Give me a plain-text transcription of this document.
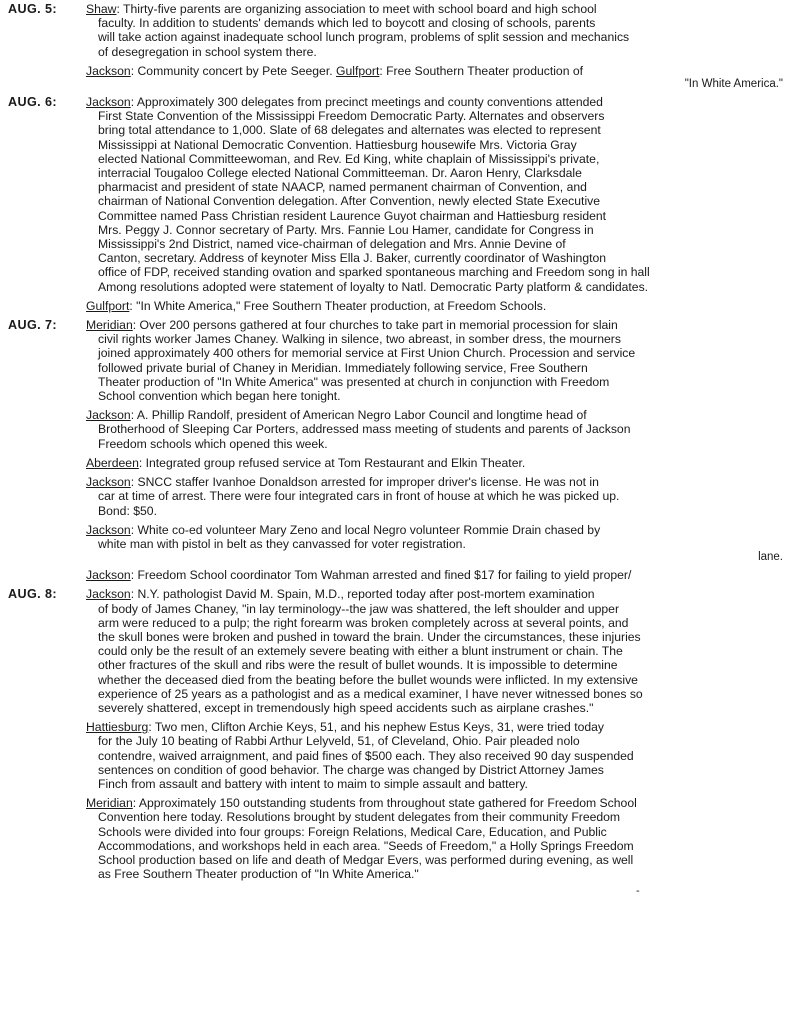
AUG. 5: Shaw: Thirty-five parents are organizing association to meet with school board and high school
faculty. In addition to students' demands which led to boycott and closing of schools, parents
will take action against inadequate school lunch program, problems of split session and mechanics
of desegregation in school system there.
Jackson: Community concert by Pete Seeger. Gulfport: Free Southern Theater production of
"In White America."
AUG. 6: Jackson: Approximately 300 delegates from precinct meetings and county conventions attended
First State Convention of the Mississippi Freedom Democratic Party. Alternates and observers
bring total attendance to 1,000. Slate of 68 delegates and alternates was elected to represent
Mississippi at National Democratic Convention. Hattiesburg housewife Mrs. Victoria Gray
elected National Committeewoman, and Rev. Ed King, white chaplain of Mississippi's private,
interracial Tougaloo College elected National Committeeman. Dr. Aaron Henry, Clarksdale
pharmacist and president of state NAACP, named permanent chairman of Convention, and
chairman of National Convention delegation. After Convention, newly elected State Executive
Committee named Pass Christian resident Laurence Guyot chairman and Hattiesburg resident
Mrs. Peggy J. Connor secretary of Party. Mrs. Fannie Lou Hamer, candidate for Congress in
Mississippi's 2nd District, named vice-chairman of delegation and Mrs. Annie Devine of
Canton, secretary. Address of keynoter Miss Ella J. Baker, currently coordinator of Washington
office of FDP, received standing ovation and sparked spontaneous marching and Freedom song in hall
Among resolutions adopted were statement of loyalty to Natl. Democratic Party platform & candidates.
Gulfport: "In White America," Free Southern Theater production, at Freedom Schools.
AUG. 7: Meridian: Over 200 persons gathered at four churches to take part in memorial procession for slain
civil rights worker James Chaney. Walking in silence, two abreast, in somber dress, the mourners
joined approximately 400 others for memorial service at First Union Church. Procession and service
followed private burial of Chaney in Meridian. Immediately following service, Free Southern
Theater production of "In White America" was presented at church in conjunction with Freedom
School convention which began here tonight.
Jackson: A. Phillip Randolf, president of American Negro Labor Council and longtime head of
Brotherhood of Sleeping Car Porters, addressed mass meeting of students and parents of Jackson
Freedom schools which opened this week.
Aberdeen: Integrated group refused service at Tom Restaurant and Elkin Theater.
Jackson: SNCC staffer Ivanhoe Donaldson arrested for improper driver's license. He was not in
car at time of arrest. There were four integrated cars in front of house at which he was picked up.
Bond: $50.
Jackson: White co-ed volunteer Mary Zeno and local Negro volunteer Rommie Drain chased by
white man with pistol in belt as they canvassed for voter registration.
lane.
Jackson: Freedom School coordinator Tom Wahman arrested and fined $17 for failing to yield proper/
AUG. 8: Jackson: N.Y. pathologist David M. Spain, M.D., reported today after post-mortem examination
of body of James Chaney, "in lay terminology--the jaw was shattered, the left shoulder and upper
arm were reduced to a pulp; the right forearm was broken completely across at several points, and
the skull bones were broken and pushed in toward the brain. Under the circumstances, these injuries
could only be the result of an extemely severe beating with either a blunt instrument or chain. The
other fractures of the skull and ribs were the result of bullet wounds. It is impossible to determine
whether the deceased died from the beating before the bullet wounds were inflicted. In my extensive
experience of 25 years as a pathologist and as a medical examiner, I have never witnessed bones so
severely shattered, except in tremendously high speed accidents such as airplane crashes."
Hattiesburg: Two men, Clifton Archie Keys, 51, and his nephew Estus Keys, 31, were tried today
for the July 10 beating of Rabbi Arthur Lelyveld, 51, of Cleveland, Ohio. Pair pleaded nolo
contendre, waived arraignment, and paid fines of $500 each. They also received 90 day suspended
sentences on condition of good behavior. The charge was changed by District Attorney James
Finch from assault and battery with intent to maim to simple assault and battery.
Meridian: Approximately 150 outstanding students from throughout state gathered for Freedom School
Convention here today. Resolutions brought by student delegates from their community Freedom
Schools were divided into four groups: Foreign Relations, Medical Care, Education, and Public
Accommodations, and workshops held in each area. "Seeds of Freedom," a Holly Springs Freedom
School production based on life and death of Medgar Evers, was performed during evening, as well
as Free Southern Theater production of "In White America."
-
